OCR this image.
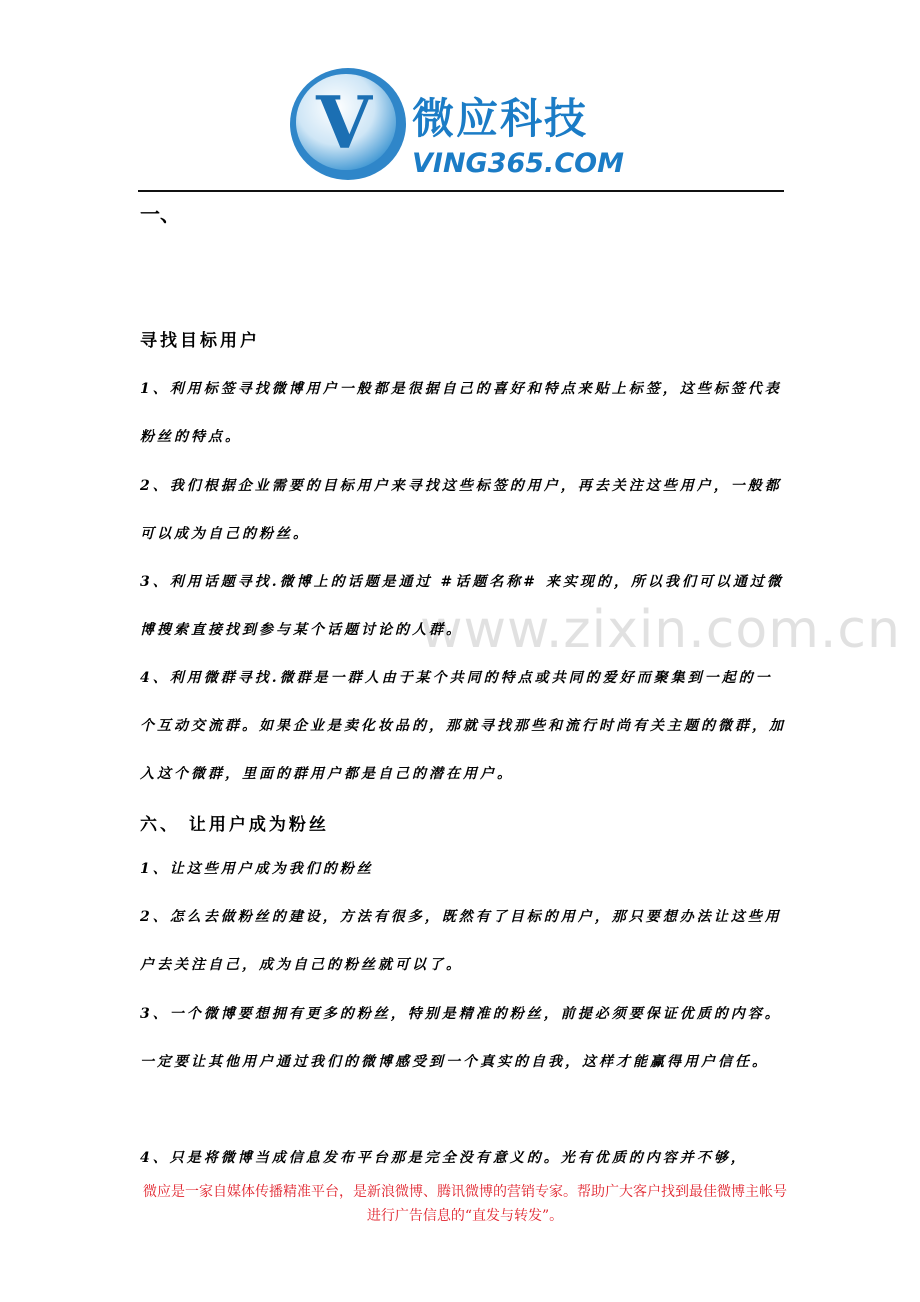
V 微应科技
VING365.COM
www.zixin.com.cn
一、
寻找目标用户
1、利用标签寻找微博用户一般都是很据自己的喜好和特点来贴上标签，这些标签代表粉丝的特点。
2、我们根据企业需要的目标用户来寻找这些标签的用户，再去关注这些用户，一般都可以成为自己的粉丝。
3、利用话题寻找.微博上的话题是通过 #话题名称# 来实现的，所以我们可以通过微博搜索直接找到参与某个话题讨论的人群。
4、利用微群寻找.微群是一群人由于某个共同的特点或共同的爱好而聚集到一起的一个互动交流群。如果企业是卖化妆品的，那就寻找那些和流行时尚有关主题的微群，加入这个微群，里面的群用户都是自己的潜在用户。
六、 让用户成为粉丝
1、让这些用户成为我们的粉丝
2、怎么去做粉丝的建设，方法有很多，既然有了目标的用户，那只要想办法让这些用户去关注自己，成为自己的粉丝就可以了。
3、一个微博要想拥有更多的粉丝，特别是精准的粉丝，前提必须要保证优质的内容。一定要让其他用户通过我们的微博感受到一个真实的自我，这样才能赢得用户信任。
4、只是将微博当成信息发布平台那是完全没有意义的。光有优质的内容并不够，
微应是一家自媒体传播精准平台，是新浪微博、腾讯微博的营销专家。帮助广大客户找到最佳微博主帐号进行广告信息的“直发与转发”。
